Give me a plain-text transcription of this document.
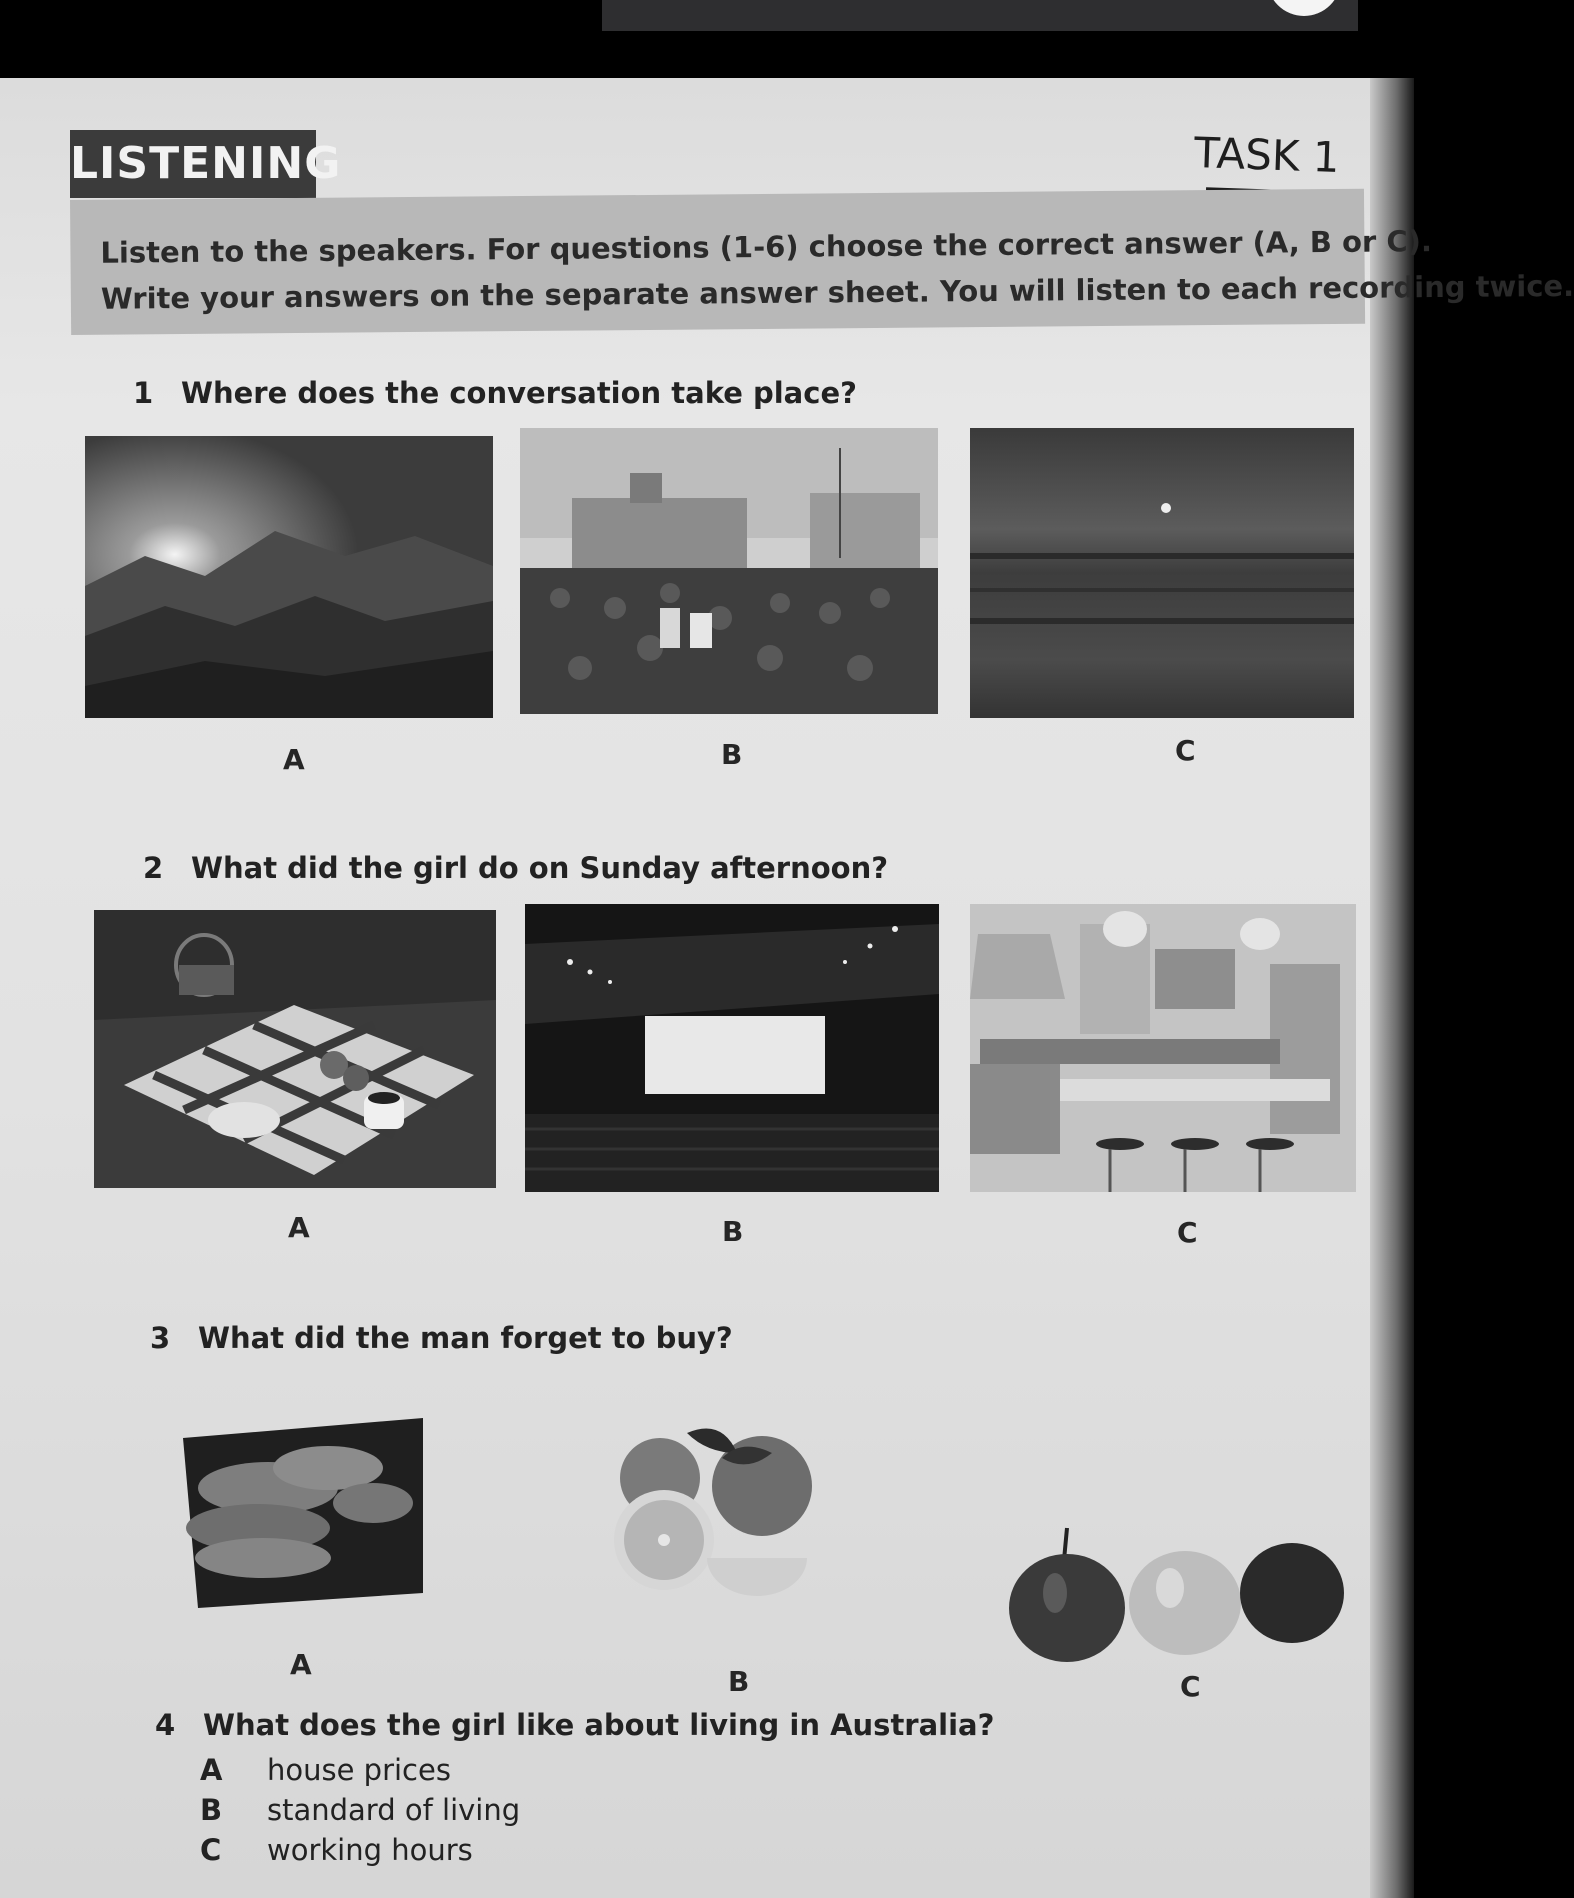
LISTENING	TASK 1

Listen to the speakers. For questions (1-6) choose the correct answer (A, B or C).

Write your answers on the separate answer sheet. You will listen to each recording twice.

1 Where does the conversation take place?
A	B	C
2 What did the girl do on Sunday afternoon?
A	B	C
3 What did the man forget to buy?
A
B	C
4 What does the girl like about living in Australia?
A house prices
B standard of living
C working hours
